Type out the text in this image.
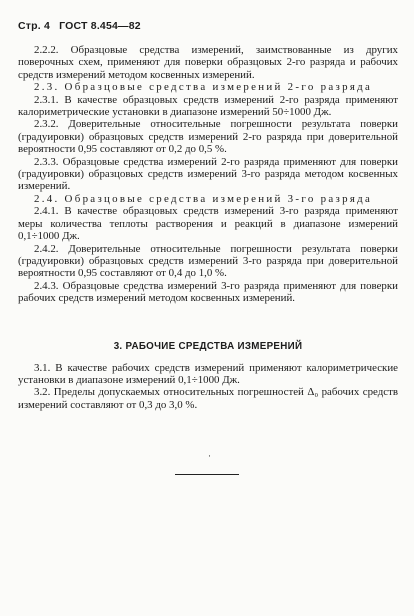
Стр. 4 ГОСТ 8.454—82

2.2.2. Образцовые средства измерений, заимствованные из других поверочных схем, применяют для поверки образцовых 2-го разряда и рабочих средств измерений методом косвенных измерений.

2.3. Образцовые средства измерений 2-го разряда

2.3.1. В качестве образцовых средств измерений 2-го разряда применяют калориметрические установки в диапазоне измерений 50÷1000 Дж.

2.3.2. Доверительные относительные погрешности результата поверки (градуировки) образцовых средств измерений 2-го разряда при доверительной вероятности 0,95 составляют от 0,2 до 0,5 %.

2.3.3. Образцовые средства измерений 2-го разряда применяют для поверки (градуировки) образцовых средств измерений 3-го разряда методом косвенных измерений.

2.4. Образцовые средства измерений 3-го разряда

2.4.1. В качестве образцовых средств измерений 3-го разряда применяют меры количества теплоты растворения и реакций в диапазоне измерений 0,1÷1000 Дж.

2.4.2. Доверительные относительные погрешности результата поверки (градуировки) образцовых средств измерений 3-го разряда при доверительной вероятности 0,95 составляют от 0,4 до 1,0 %.

2.4.3. Образцовые средства измерений 3-го разряда применяют для поверки рабочих средств измерений методом косвенных измерений.

3. РАБОЧИЕ СРЕДСТВА ИЗМЕРЕНИЙ

3.1. В качестве рабочих средств измерений применяют калориметрические установки в диапазоне измерений 0,1÷1000 Дж.

3.2. Пределы допускаемых относительных погрешностей Δ₀ рабочих средств измерений составляют от 0,3 до 3,0 %.

·
